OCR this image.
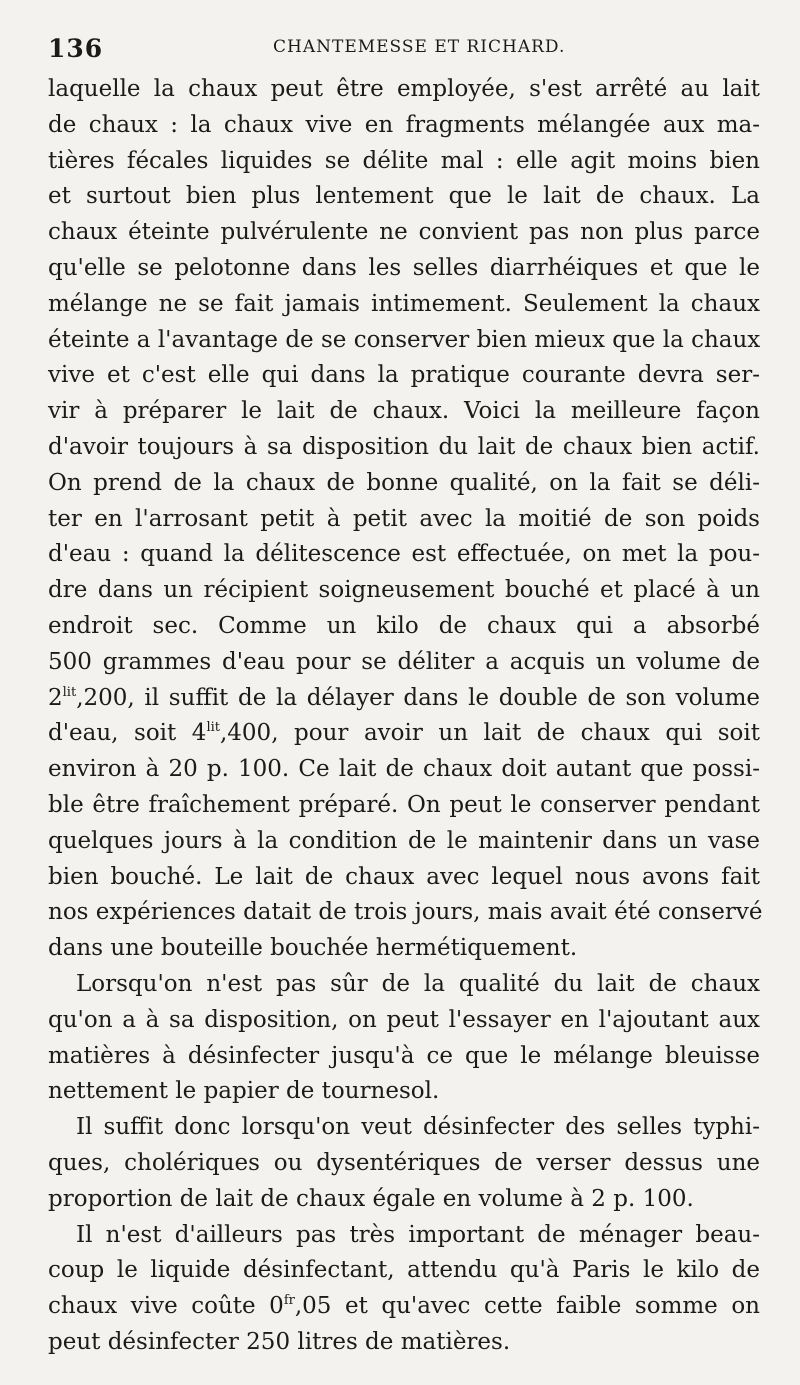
136	CHANTEMESSE ET RICHARD.
laquelle la chaux peut être employée, s'est arrêté au lait
de chaux : la chaux vive en fragments mélangée aux ma-
tières fécales liquides se délite mal : elle agit moins bien
et surtout bien plus lentement que le lait de chaux. La
chaux éteinte pulvérulente ne convient pas non plus parce
qu'elle se pelotonne dans les selles diarrhéiques et que le
mélange ne se fait jamais intimement. Seulement la chaux
éteinte a l'avantage de se conserver bien mieux que la chaux
vive et c'est elle qui dans la pratique courante devra ser-
vir à préparer le lait de chaux. Voici la meilleure façon
d'avoir toujours à sa disposition du lait de chaux bien actif.
On prend de la chaux de bonne qualité, on la fait se déli-
ter en l'arrosant petit à petit avec la moitié de son poids
d'eau : quand la délitescence est effectuée, on met la pou-
dre dans un récipient soigneusement bouché et placé à un
endroit sec. Comme un kilo de chaux qui a absorbé
500 grammes d'eau pour se déliter a acquis un volume de
$2^{lit},200$, il suffit de la délayer dans le double de son volume
d'eau, soit $4^{lit},400$, pour avoir un lait de chaux qui soit
environ à 20 p. 100. Ce lait de chaux doit autant que possi-
ble être fraîchement préparé. On peut le conserver pendant
quelques jours à la condition de le maintenir dans un vase
bien bouché. Le lait de chaux avec lequel nous avons fait
nos expériences datait de trois jours, mais avait été conservé
dans une bouteille bouchée hermétiquement.
Lorsqu'on n'est pas sûr de la qualité du lait de chaux
qu'on a à sa disposition, on peut l'essayer en l'ajoutant aux
matières à désinfecter jusqu'à ce que le mélange bleuisse
nettement le papier de tournesol.
Il suffit donc lorsqu'on veut désinfecter des selles typhi-
ques, cholériques ou dysentériques de verser dessus une
proportion de lait de chaux égale en volume à 2 p. 100.
Il n'est d'ailleurs pas très important de ménager beau-
coup le liquide désinfectant, attendu qu'à Paris le kilo de
chaux vive coûte $0^{fr},05$ et qu'avec cette faible somme on
peut désinfecter 250 litres de matières.
